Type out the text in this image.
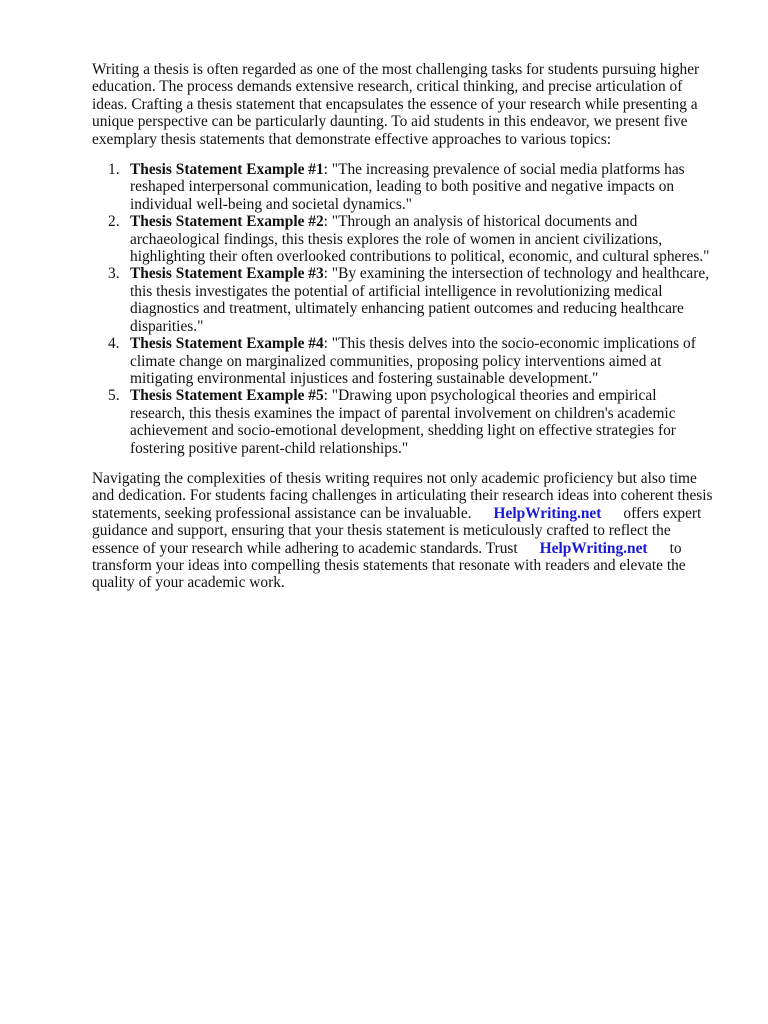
Writing a thesis is often regarded as one of the most challenging tasks for students pursuing higher
education. The process demands extensive research, critical thinking, and precise articulation of
ideas. Crafting a thesis statement that encapsulates the essence of your research while presenting a
unique perspective can be particularly daunting. To aid students in this endeavor, we present five
exemplary thesis statements that demonstrate effective approaches to various topics:
1. Thesis Statement Example #1: "The increasing prevalence of social media platforms has
reshaped interpersonal communication, leading to both positive and negative impacts on
individual well-being and societal dynamics."
2. Thesis Statement Example #2: "Through an analysis of historical documents and
archaeological findings, this thesis explores the role of women in ancient civilizations,
highlighting their often overlooked contributions to political, economic, and cultural spheres."
3. Thesis Statement Example #3: "By examining the intersection of technology and healthcare,
this thesis investigates the potential of artificial intelligence in revolutionizing medical
diagnostics and treatment, ultimately enhancing patient outcomes and reducing healthcare
disparities."
4. Thesis Statement Example #4: "This thesis delves into the socio-economic implications of
climate change on marginalized communities, proposing policy interventions aimed at
mitigating environmental injustices and fostering sustainable development."
5. Thesis Statement Example #5: "Drawing upon psychological theories and empirical
research, this thesis examines the impact of parental involvement on children's academic
achievement and socio-emotional development, shedding light on effective strategies for
fostering positive parent-child relationships."
Navigating the complexities of thesis writing requires not only academic proficiency but also time
and dedication. For students facing challenges in articulating their research ideas into coherent thesis
statements, seeking professional assistance can be invaluable. HelpWriting.net offers expert
guidance and support, ensuring that your thesis statement is meticulously crafted to reflect the
essence of your research while adhering to academic standards. Trust HelpWriting.net to
transform your ideas into compelling thesis statements that resonate with readers and elevate the
quality of your academic work.
